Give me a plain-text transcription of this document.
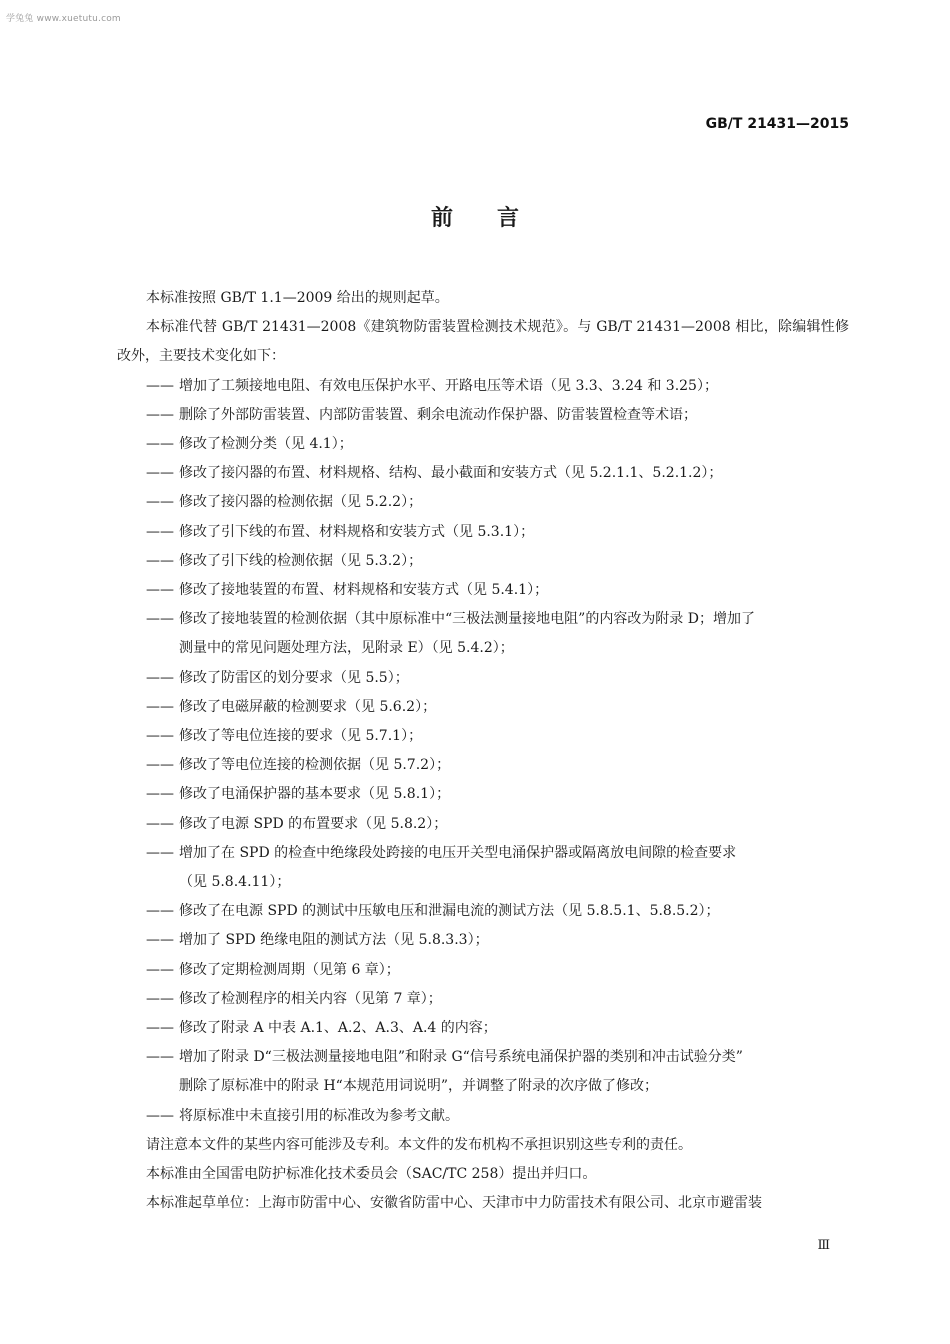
学兔兔 www.xuetutu.com
GB/T 21431—2015
前言
本标准按照 GB/T 1.1—2009 给出的规则起草。
本标准代替 GB/T 21431—2008《建筑物防雷装置检测技术规范》。与 GB/T 21431—2008 相比，除编辑性修改外，主要技术变化如下：
—— 增加了工频接地电阻、有效电压保护水平、开路电压等术语（见 3.3、3.24 和 3.25）；
—— 删除了外部防雷装置、内部防雷装置、剩余电流动作保护器、防雷装置检查等术语；
—— 修改了检测分类（见 4.1）；
—— 修改了接闪器的布置、材料规格、结构、最小截面和安装方式（见 5.2.1.1、5.2.1.2）；
—— 修改了接闪器的检测依据（见 5.2.2）；
—— 修改了引下线的布置、材料规格和安装方式（见 5.3.1）；
—— 修改了引下线的检测依据（见 5.3.2）；
—— 修改了接地装置的布置、材料规格和安装方式（见 5.4.1）；
—— 修改了接地装置的检测依据（其中原标准中“三极法测量接地电阻”的内容改为附录 D；增加了
测量中的常见问题处理方法，见附录 E）（见 5.4.2）；
—— 修改了防雷区的划分要求（见 5.5）；
—— 修改了电磁屏蔽的检测要求（见 5.6.2）；
—— 修改了等电位连接的要求（见 5.7.1）；
—— 修改了等电位连接的检测依据（见 5.7.2）；
—— 修改了电涌保护器的基本要求（见 5.8.1）；
—— 修改了电源 SPD 的布置要求（见 5.8.2）；
—— 增加了在 SPD 的检查中绝缘段处跨接的电压开关型电涌保护器或隔离放电间隙的检查要求
（见 5.8.4.11）；
—— 修改了在电源 SPD 的测试中压敏电压和泄漏电流的测试方法（见 5.8.5.1、5.8.5.2）；
—— 增加了 SPD 绝缘电阻的测试方法（见 5.8.3.3）；
—— 修改了定期检测周期（见第 6 章）；
—— 修改了检测程序的相关内容（见第 7 章）；
—— 修改了附录 A 中表 A.1、A.2、A.3、A.4 的内容；
—— 增加了附录 D“三极法测量接地电阻”和附录 G“信号系统电涌保护器的类别和冲击试验分类”
删除了原标准中的附录 H“本规范用词说明”，并调整了附录的次序做了修改；
—— 将原标准中未直接引用的标准改为参考文献。
请注意本文件的某些内容可能涉及专利。本文件的发布机构不承担识别这些专利的责任。
本标准由全国雷电防护标准化技术委员会（SAC/TC 258）提出并归口。
本标准起草单位：上海市防雷中心、安徽省防雷中心、天津市中力防雷技术有限公司、北京市避雷装
Ⅲ
